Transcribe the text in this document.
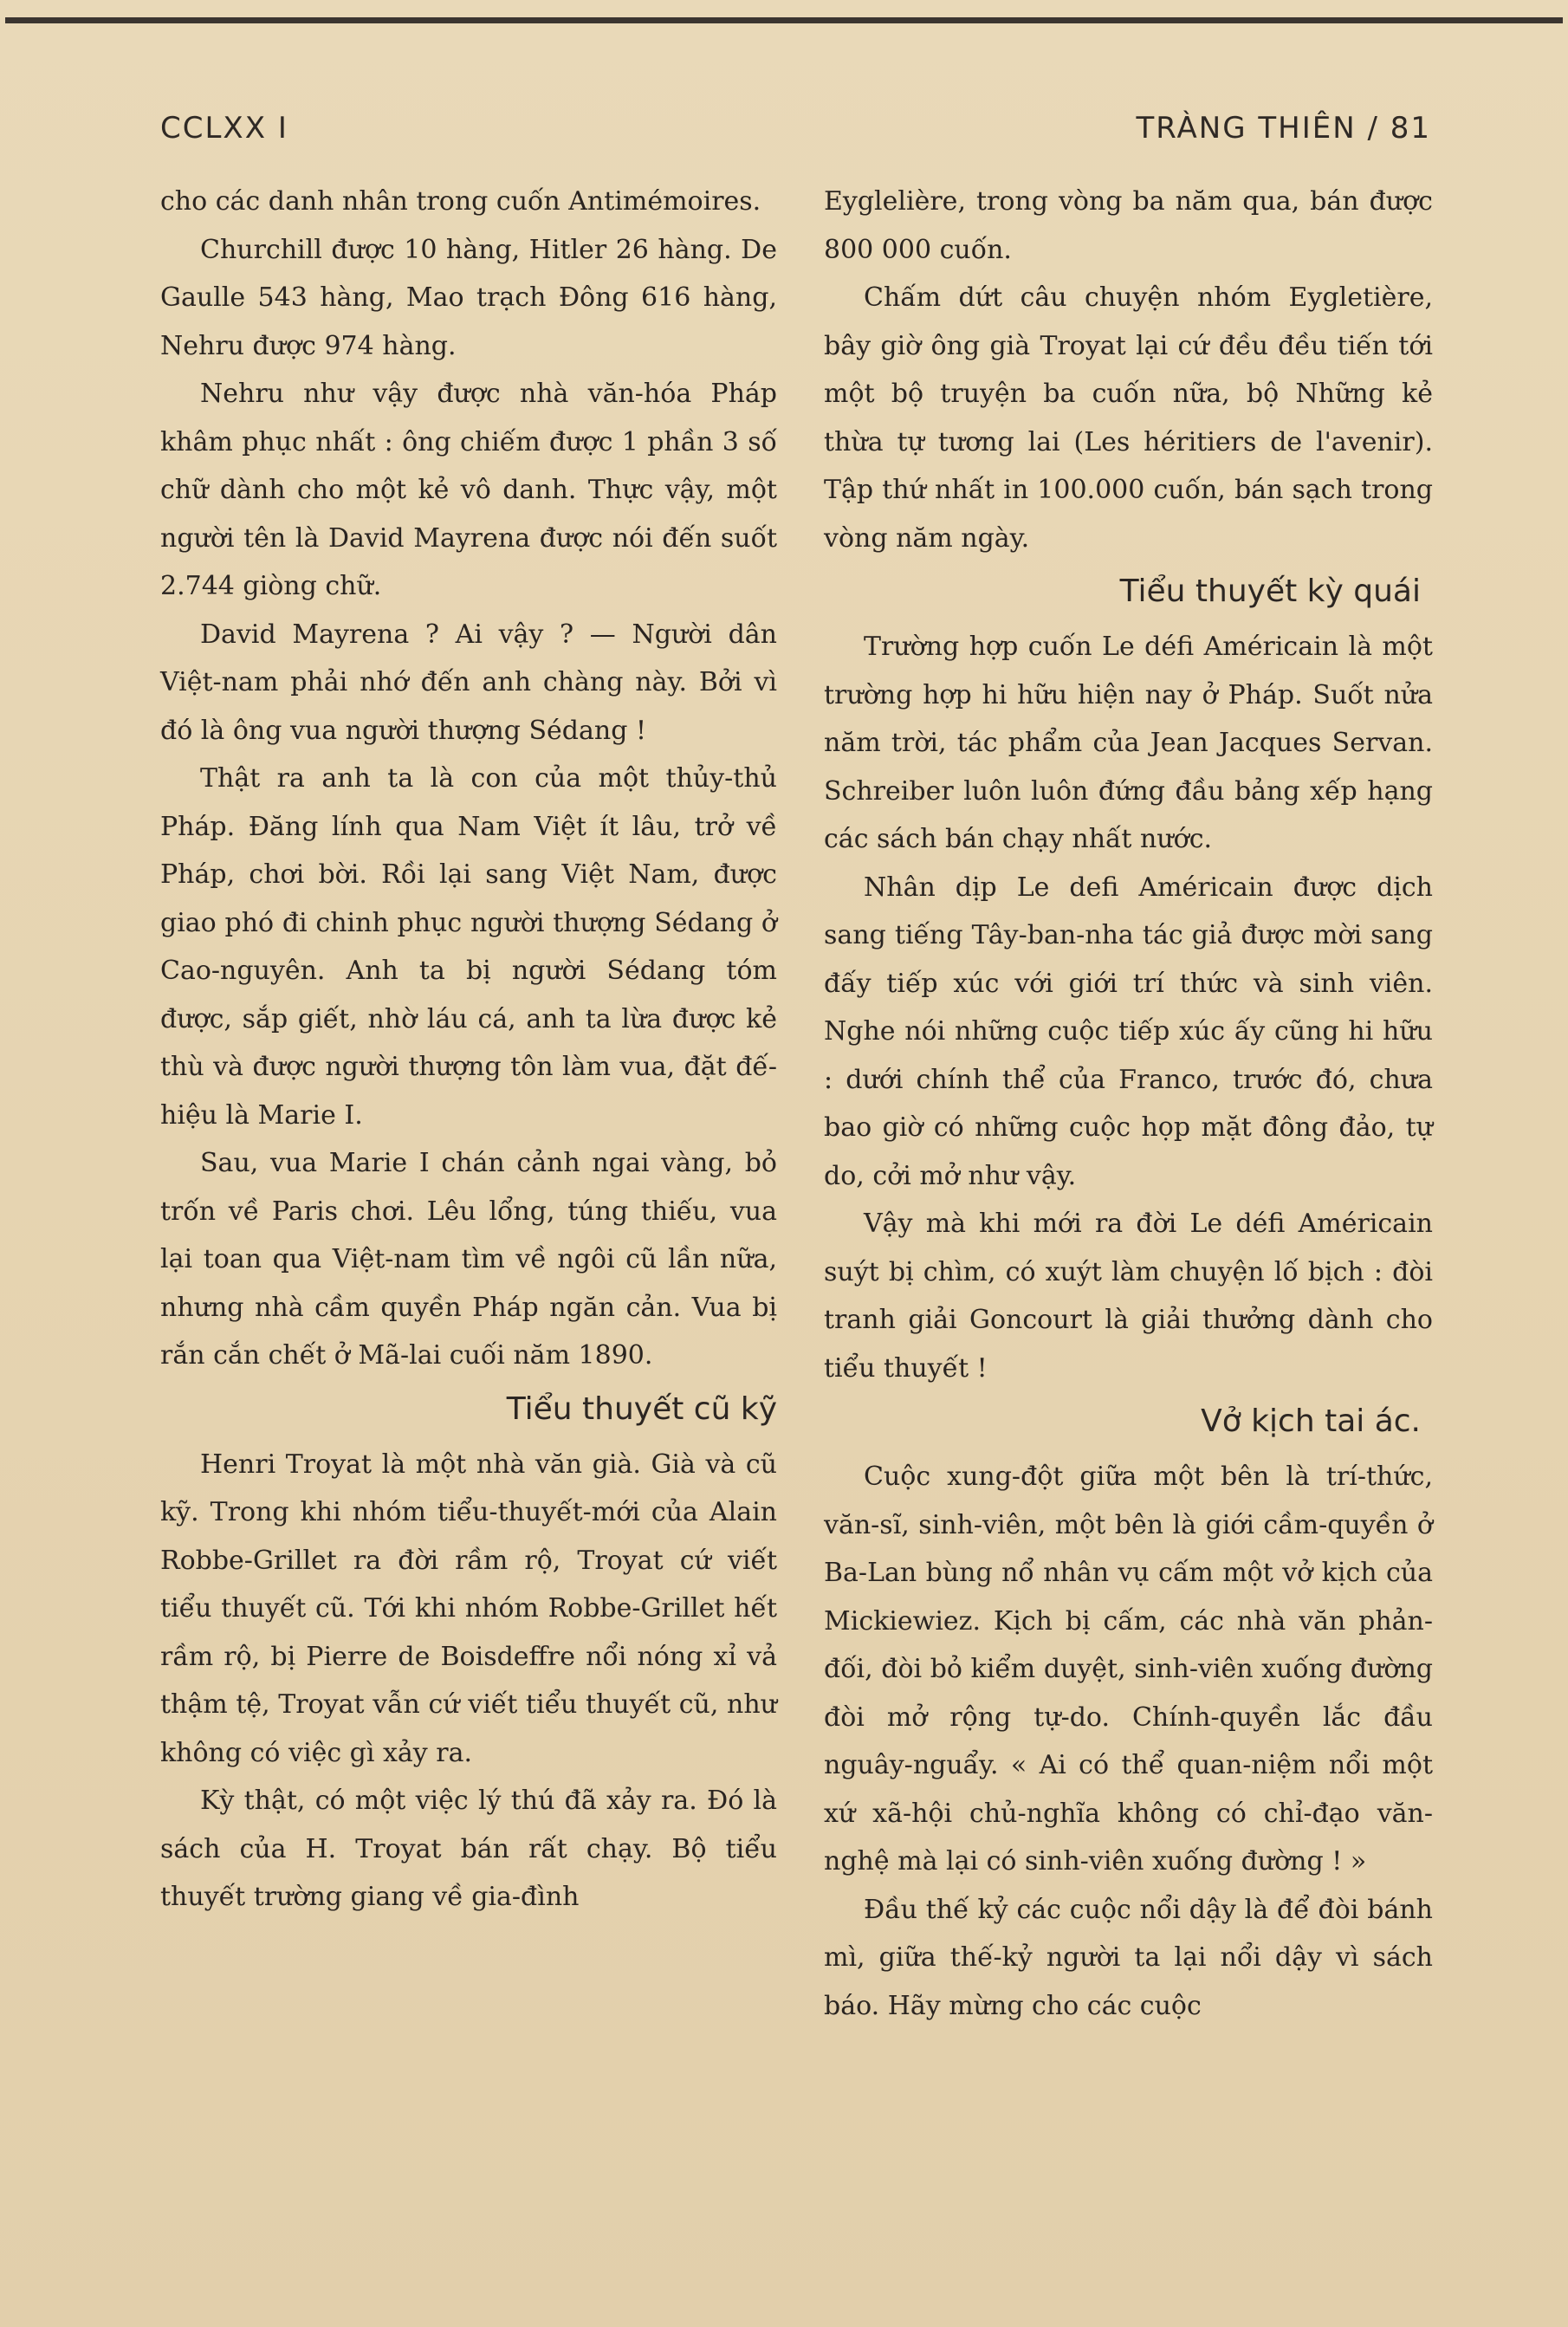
CCLXX I	TRÀNG THIÊN / 81

cho các danh nhân trong cuốn Antimémoires.

Churchill được 10 hàng, Hitler 26 hàng. De Gaulle 543 hàng, Mao trạch Đông 616 hàng, Nehru được 974 hàng.

Nehru như vậy được nhà văn-hóa Pháp khâm phục nhất : ông chiếm được 1 phần 3 số chữ dành cho một kẻ vô danh. Thực vậy, một người tên là David Mayrena được nói đến suốt 2.744 giòng chữ.

David Mayrena ? Ai vậy ? — Người dân Việt-nam phải nhớ đến anh chàng này. Bởi vì đó là ông vua người thượng Sédang !

Thật ra anh ta là con của một thủy-thủ Pháp. Đăng lính qua Nam Việt ít lâu, trở về Pháp, chơi bời. Rồi lại sang Việt Nam, được giao phó đi chinh phục người thượng Sédang ở Cao-nguyên. Anh ta bị người Sédang tóm được, sắp giết, nhờ láu cá, anh ta lừa được kẻ thù và được người thượng tôn làm vua, đặt đế-hiệu là Marie I.

Sau, vua Marie I chán cảnh ngai vàng, bỏ trốn về Paris chơi. Lêu lổng, túng thiếu, vua lại toan qua Việt-nam tìm về ngôi cũ lần nữa, nhưng nhà cầm quyền Pháp ngăn cản. Vua bị rắn cắn chết ở Mã-lai cuối năm 1890.

Tiểu thuyết cũ kỹ

Henri Troyat là một nhà văn già. Già và cũ kỹ. Trong khi nhóm tiểu-thuyết-mới của Alain Robbe-Grillet ra đời rầm rộ, Troyat cứ viết tiểu thuyết cũ. Tới khi nhóm Robbe-Grillet hết rầm rộ, bị Pierre de Boisdeffre nổi nóng xỉ vả thậm tệ, Troyat vẫn cứ viết tiểu thuyết cũ, như không có việc gì xảy ra.

Kỳ thật, có một việc lý thú đã xảy ra. Đó là sách của H. Troyat bán rất chạy. Bộ tiểu thuyết trường giang về gia-đình

Eyglelière, trong vòng ba năm qua, bán được 800 000 cuốn.

Chấm dứt câu chuyện nhóm Eygletière, bây giờ ông già Troyat lại cứ đều đều tiến tới một bộ truyện ba cuốn nữa, bộ Những kẻ thừa tự tương lai (Les héritiers de l'avenir). Tập thứ nhất in 100.000 cuốn, bán sạch trong vòng năm ngày.

Tiểu thuyết kỳ quái

Trường hợp cuốn Le défi Américain là một trường hợp hi hữu hiện nay ở Pháp. Suốt nửa năm trời, tác phẩm của Jean Jacques Servan. Schreiber luôn luôn đứng đầu bảng xếp hạng các sách bán chạy nhất nước.

Nhân dịp Le defi Américain được dịch sang tiếng Tây-ban-nha tác giả được mời sang đấy tiếp xúc với giới trí thức và sinh viên. Nghe nói những cuộc tiếp xúc ấy cũng hi hữu : dưới chính thể của Franco, trước đó, chưa bao giờ có những cuộc họp mặt đông đảo, tự do, cởi mở như vậy.

Vậy mà khi mới ra đời Le défi Américain suýt bị chìm, có xuýt làm chuyện lố bịch : đòi tranh giải Goncourt là giải thưởng dành cho tiểu thuyết !

Vở kịch tai ác.

Cuộc xung-đột giữa một bên là trí-thức, văn-sĩ, sinh-viên, một bên là giới cầm-quyền ở Ba-Lan bùng nổ nhân vụ cấm một vở kịch của Mickiewiez. Kịch bị cấm, các nhà văn phản-đối, đòi bỏ kiểm duyệt, sinh-viên xuống đường đòi mở rộng tự-do. Chính-quyền lắc đầu nguây-nguẩy. « Ai có thể quan-niệm nổi một xứ xã-hội chủ-nghĩa không có chỉ-đạo văn-nghệ mà lại có sinh-viên xuống đường ! »

Đầu thế kỷ các cuộc nổi dậy là để đòi bánh mì, giữa thế-kỷ người ta lại nổi dậy vì sách báo. Hãy mừng cho các cuộc
